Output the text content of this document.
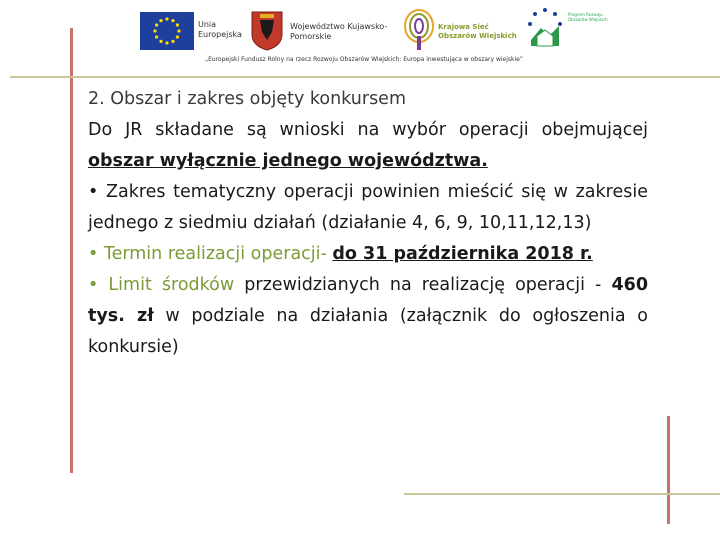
Unia Europejska
Województwo Kujawsko-Pomorskie
Krajowa Sieć Obszarów Wiejskich
Program Rozwoju Obszarów Wiejskich
„Europejski Fundusz Rolny na rzecz Rozwoju Obszarów Wiejskich: Europa inwestująca w obszary wiejskie”

2. Obszar i zakres objęty konkursem

Do JR składane są wnioski na wybór operacji obejmującej obszar wyłącznie jednego województwa.

• Zakres tematyczny operacji powinien mieścić się w zakresie jednego z siedmiu działań (działanie 4, 6, 9, 10,11,12,13)

• Termin realizacji operacji- do 31 października 2018 r.

• Limit środków przewidzianych na realizację operacji - 460 tys. zł w podziale na działania (załącznik do ogłoszenia o konkursie)
